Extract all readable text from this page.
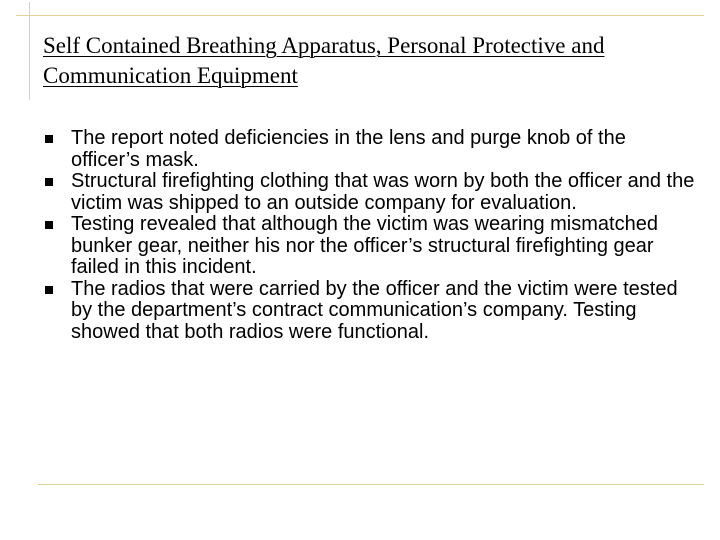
Self Contained Breathing Apparatus, Personal Protective and Communication Equipment
The report noted deficiencies in the lens and purge knob of the officer’s mask.
Structural firefighting clothing that was worn by both the officer and the victim was shipped to an outside company for evaluation.
Testing revealed that although the victim was wearing mismatched bunker gear, neither his nor the officer’s structural firefighting gear failed in this incident.
The radios that were carried by the officer and the victim were tested by the department’s contract communication’s company. Testing showed that both radios were functional.
